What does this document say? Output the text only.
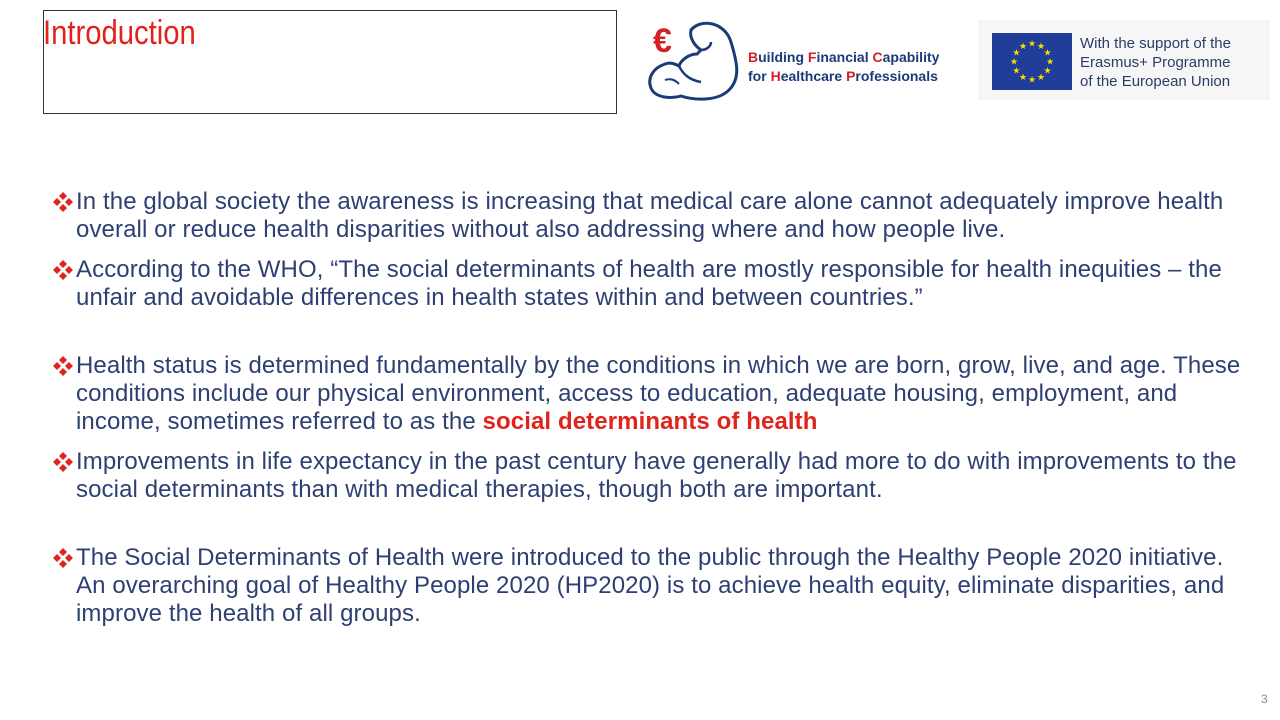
Introduction	€	Building Financial Capability
for Healthcare Professionals
★ ★
★
★
★
★
★
★
★
★
★
★	With the support of the
Erasmus+ Programme
of the European Union

In the global society the awareness is increasing that medical care alone cannot adequately improve health overall or reduce health disparities without also addressing where and how people live.

According to the WHO, “The social determinants of health are mostly responsible for health inequities – the unfair and avoidable differences in health states within and between countries.”

Health status is determined fundamentally by the conditions in which we are born, grow, live, and age. These conditions include our physical environment, access to education, adequate housing, employment, and income, sometimes referred to as the social determinants of health

Improvements in life expectancy in the past century have generally had more to do with improvements to the social determinants than with medical therapies, though both are important.

The Social Determinants of Health were introduced to the public through the Healthy People 2020 initiative. An overarching goal of Healthy People 2020 (HP2020) is to achieve health equity, eliminate disparities, and improve the health of all groups.

3
